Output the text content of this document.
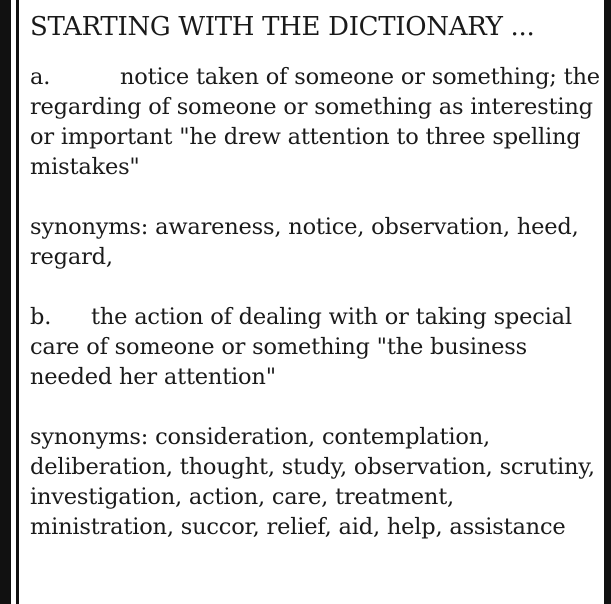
STARTING WITH THE DICTIONARY ...

a.	notice taken of someone or something; the regarding of someone or something as interesting or important "he drew attention to three spelling mistakes"

synonyms: awareness, notice, observation, heed, regard,

b. the action of dealing with or taking special care of someone or something "the business needed her attention"

synonyms: consideration, contemplation, deliberation, thought, study, observation, scrutiny, investigation, action, care, treatment, ministration, succor, relief, aid, help, assistance
